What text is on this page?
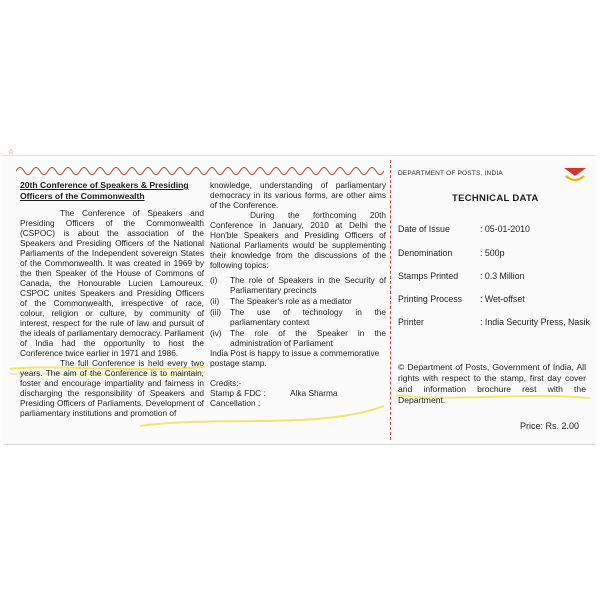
☆
20th Conference of Speakers & Presiding Officers of the Commonwealth

The Conference of Speakers and Presiding Officers of the Commonwealth (CSPOC) is about the association of the Speakers and Presiding Officers of the National Parliaments of the Independent sovereign States of the Commonwealth. It was created in 1969 by the then Speaker of the House of Commons of Canada, the Honourable Lucien Lamoureux. CSPOC unites Speakers and Presiding Officers of the Commonwealth, irrespective of race, colour, religion or culture, by community of interest, respect for the rule of law and pursuit of the ideals of parliamentary democracy. Parliament of India had the opportunity to host the Conference twice earlier in 1971 and 1986.

The full Conference is held every two years. The aim of the Conference is to maintain, foster and encourage impartiality and fairness in discharging the responsibility of Speakers and Presiding Officers of Parliaments. Development of parliamentary institutions and promotion of

knowledge, understanding of parliamentary democracy in its various forms, are other aims of the Conference.

During the forthcoming 20th Conference in January, 2010 at Delhi the Hon'ble Speakers and Presiding Officers of National Parliaments would be supplementing their knowledge from the discussions of the following topics:

(i)	The role of Speakers in the Security of Parliamentary precincts
(ii)	The Speaker's role as a mediator
(iii)	The use of technology in the parliamentary context
(iv)	The role of the Speaker in the administration of Parliament

India Post is happy to issue a commemorative postage stamp.

Credits:-
Stamp & FDC :	Alka Sharma
Cancellation :
DEPARTMENT OF POSTS, INDIA
TECHNICAL DATA
Date of Issue	: 05-01-2010
Denomination	: 500p
Stamps Printed	: 0.3 Million
Printing Process	: Wet-offset
Printer	: India Security Press, Nasik
© Department of Posts, Government of India, All rights with respect to the stamp, first day cover and information brochure rest with the Department.
Price: Rs. 2.00
